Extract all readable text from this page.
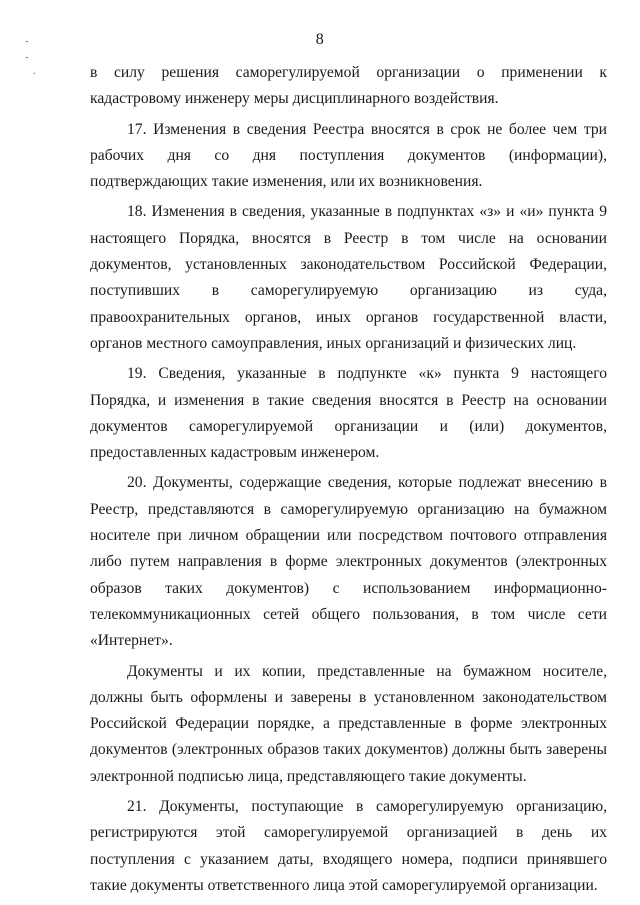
-
-
.
8

в силу решения саморегулируемой организации о применении к кадастровому инженеру меры дисциплинарного воздействия.

17. Изменения в сведения Реестра вносятся в срок не более чем три рабочих дня со дня поступления документов (информации), подтверждающих такие изменения, или их возникновения.

18. Изменения в сведения, указанные в подпунктах «з» и «и» пункта 9 настоящего Порядка, вносятся в Реестр в том числе на основании документов, установленных законодательством Российской Федерации, поступивших в саморегулируемую организацию из суда, правоохранительных органов, иных органов государственной власти, органов местного самоуправления, иных организаций и физических лиц.

19. Сведения, указанные в подпункте «к» пункта 9 настоящего Порядка, и изменения в такие сведения вносятся в Реестр на основании документов саморегулируемой организации и (или) документов, предоставленных кадастровым инженером.

20. Документы, содержащие сведения, которые подлежат внесению в Реестр, представляются в саморегулируемую организацию на бумажном носителе при личном обращении или посредством почтового отправления либо путем направления в форме электронных документов (электронных образов таких документов) с использованием информационно-телекоммуникационных сетей общего пользования, в том числе сети «Интернет».

Документы и их копии, представленные на бумажном носителе, должны быть оформлены и заверены в установленном законодательством Российской Федерации порядке, а представленные в форме электронных документов (электронных образов таких документов) должны быть заверены электронной подписью лица, представляющего такие документы.

21. Документы, поступающие в саморегулируемую организацию, регистрируются этой саморегулируемой организацией в день их поступления с указанием даты, входящего номера, подписи принявшего такие документы ответственного лица этой саморегулируемой организации.
